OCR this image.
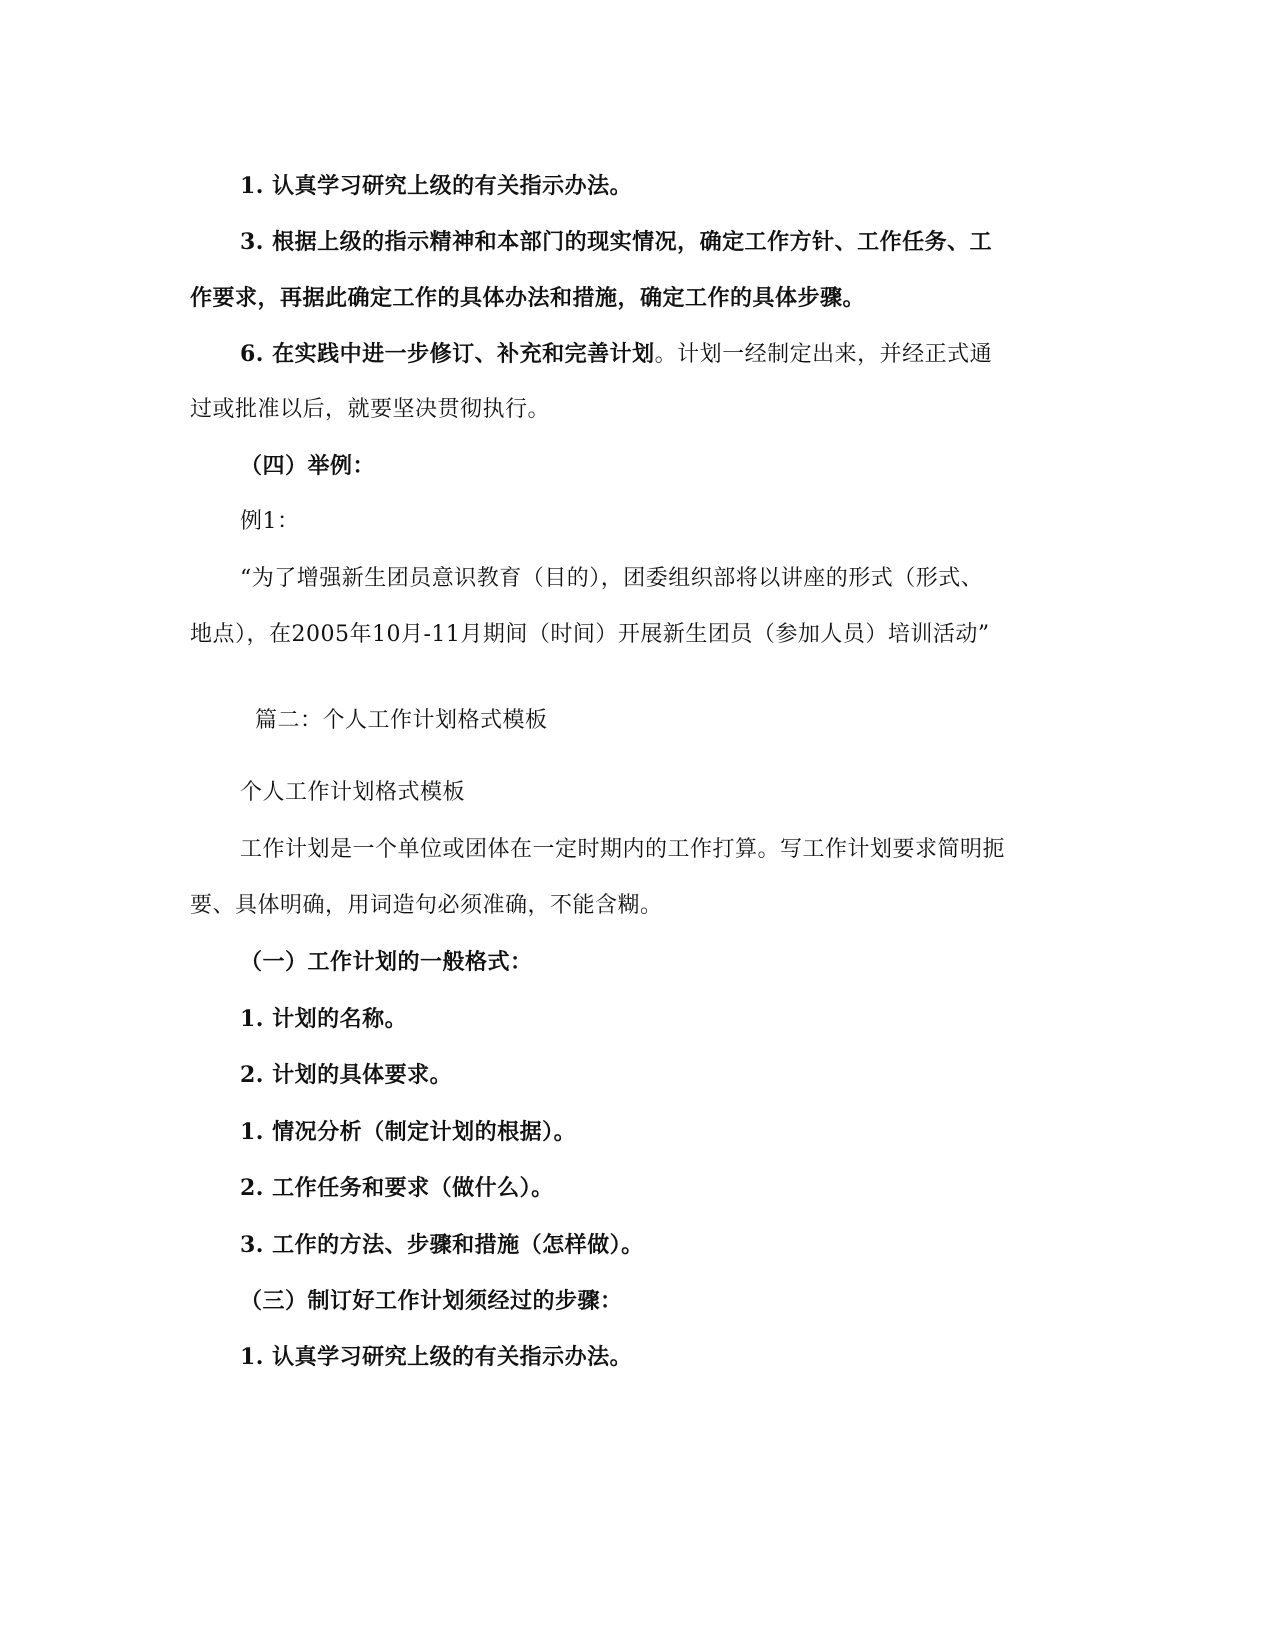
1. 认真学习研究上级的有关指示办法。
3. 根据上级的指示精神和本部门的现实情况，确定工作方针、工作任务、工
作要求，再据此确定工作的具体办法和措施，确定工作的具体步骤。
6. 在实践中进一步修订、补充和完善计划。计划一经制定出来，并经正式通
过或批准以后，就要坚决贯彻执行。
（四）举例：
例1：
“为了增强新生团员意识教育（目的），团委组织部将以讲座的形式（形式、
地点），在2005年10月-11月期间（时间）开展新生团员（参加人员）培训活动”
篇二：个人工作计划格式模板
个人工作计划格式模板
工作计划是一个单位或团体在一定时期内的工作打算。写工作计划要求简明扼
要、具体明确，用词造句必须准确，不能含糊。
（一）工作计划的一般格式：
1. 计划的名称。
2. 计划的具体要求。
1. 情况分析（制定计划的根据）。
2. 工作任务和要求（做什么）。
3. 工作的方法、步骤和措施（怎样做）。
（三）制订好工作计划须经过的步骤：
1. 认真学习研究上级的有关指示办法。
